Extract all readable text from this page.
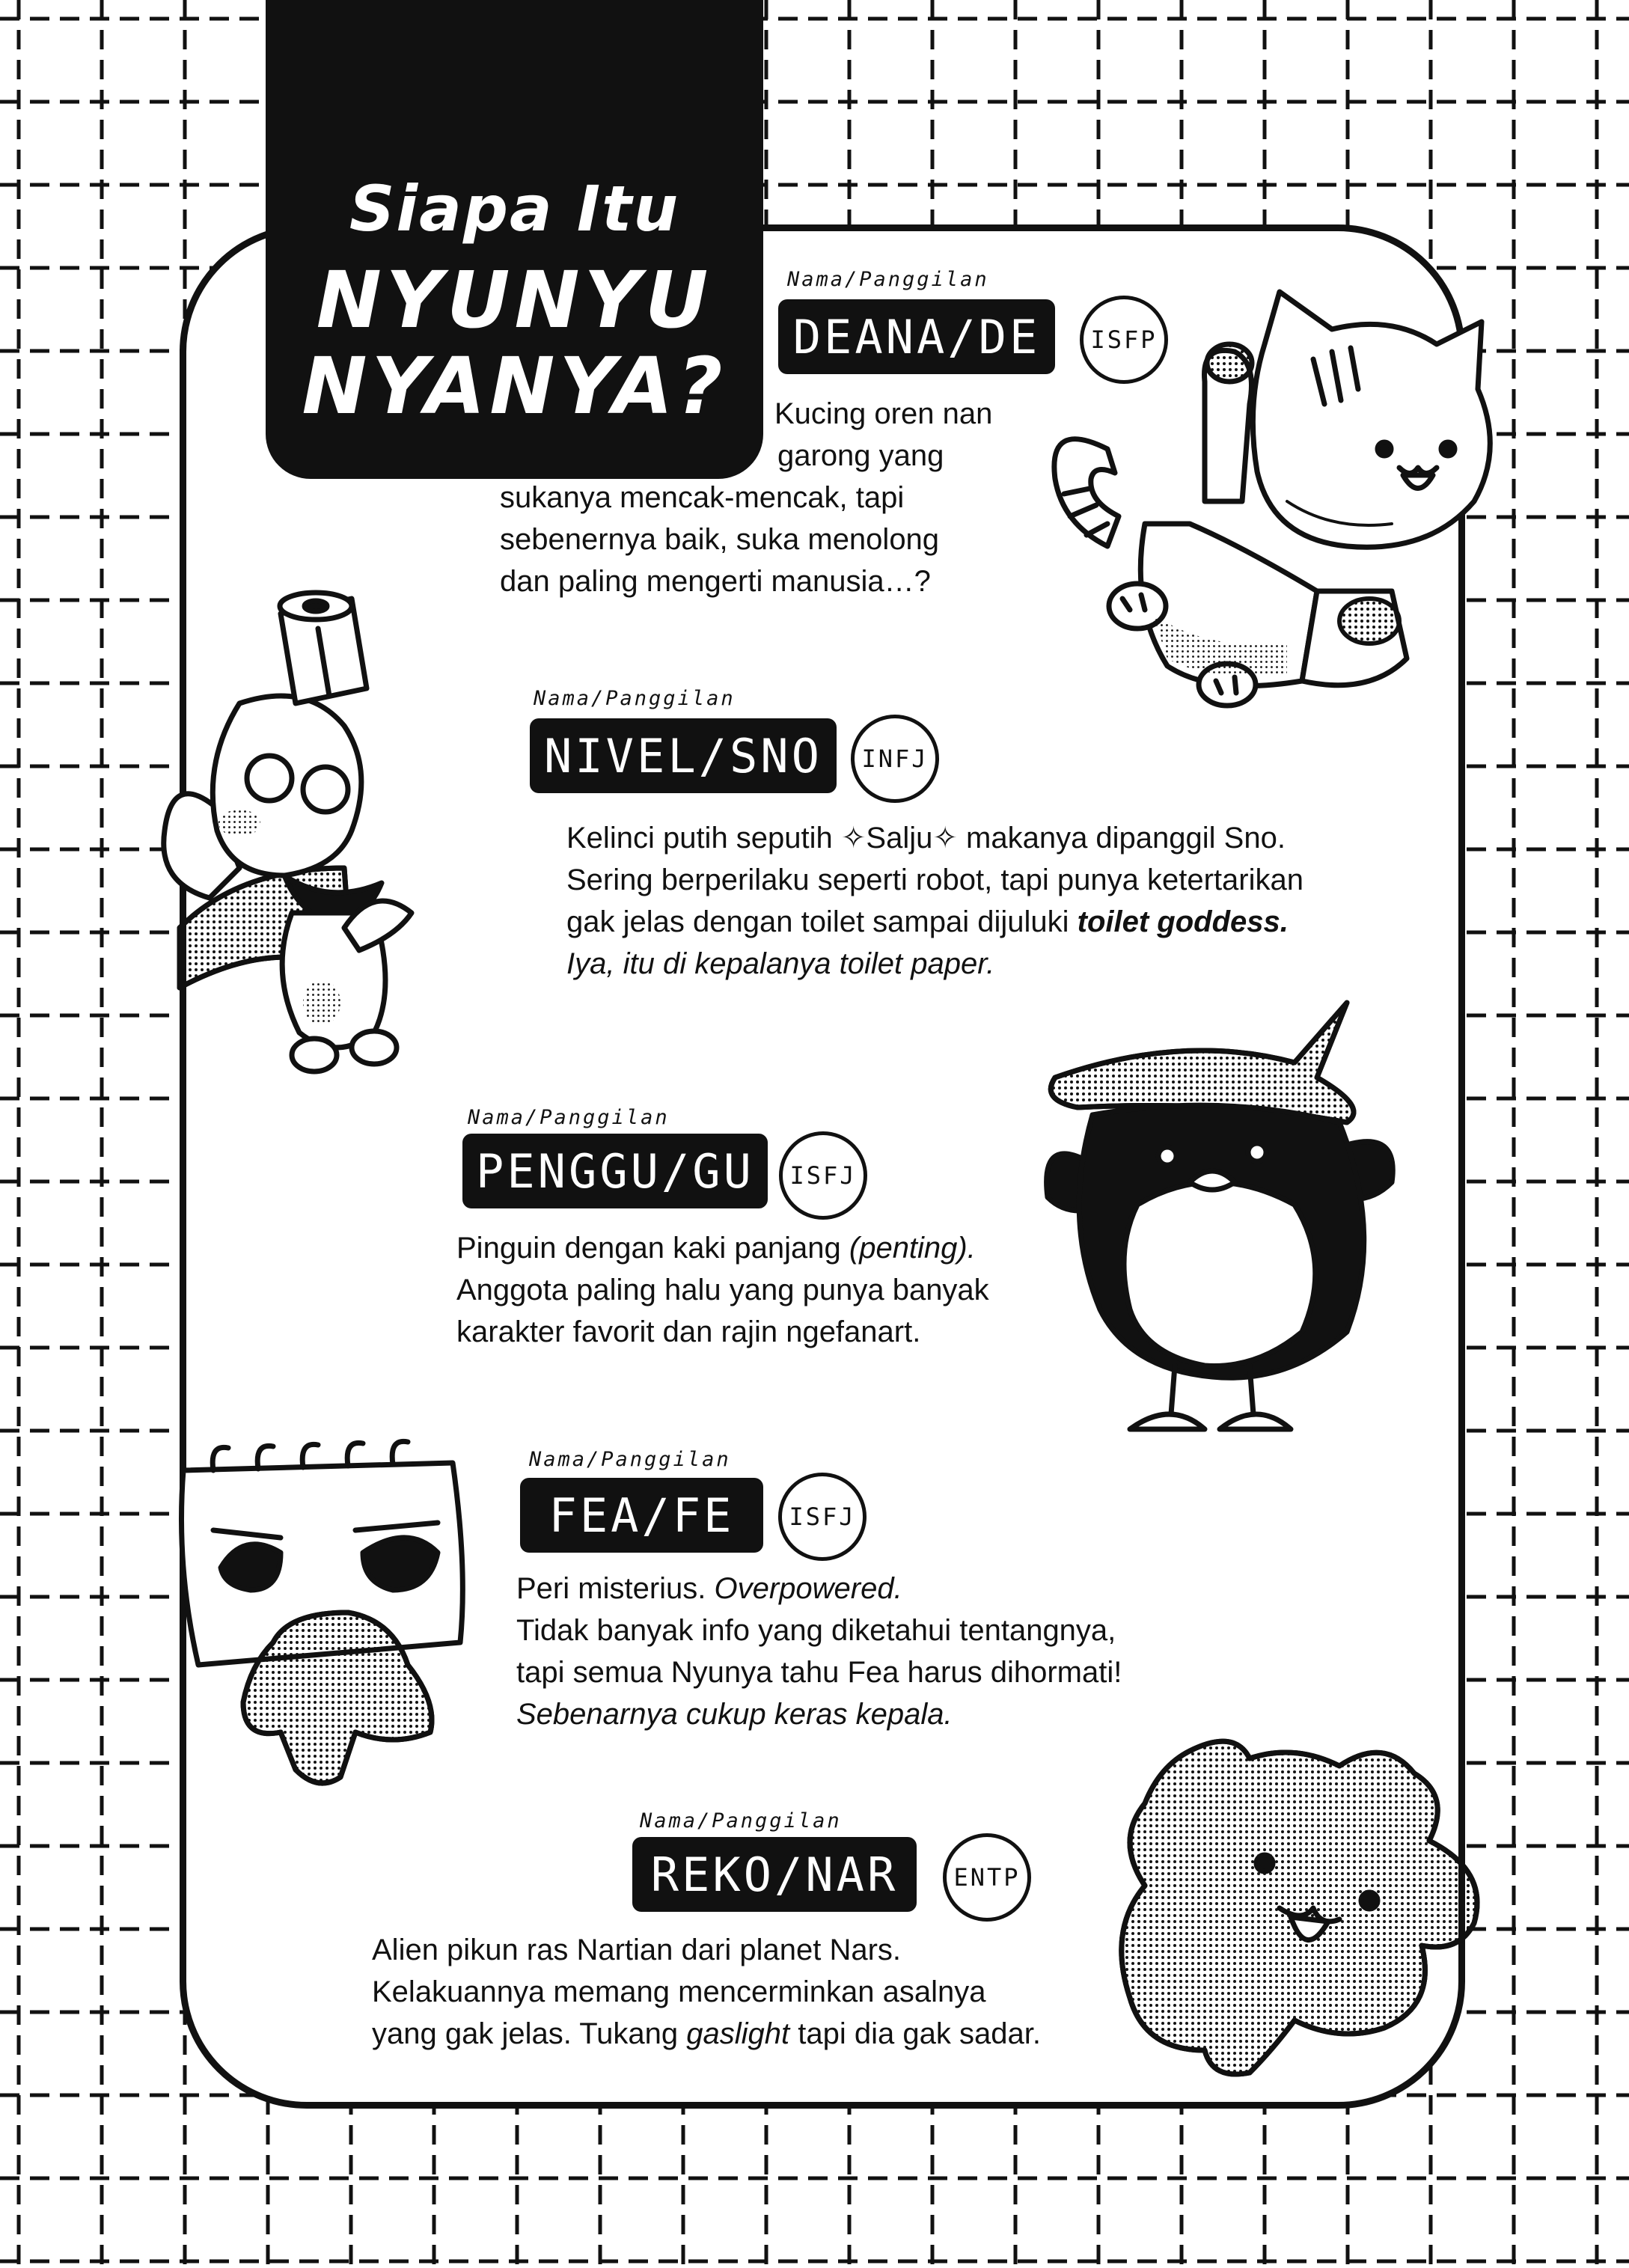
Siapa Itu
NYUNYU
NYANYA?
Nama/Panggilan
DEANA/DE	ISFP
Kucing oren nan
garong yang
sukanya mencak-mencak, tapi
sebenernya baik, suka menolong
dan paling mengerti manusia…?
Nama/Panggilan
NIVEL/SNO	INFJ
Kelinci putih seputih ✧Salju✧ makanya dipanggil Sno.
Sering berperilaku seperti robot, tapi punya ketertarikan
gak jelas dengan toilet sampai dijuluki toilet goddess.
Iya, itu di kepalanya toilet paper.
Nama/Panggilan
PENGGU/GU	ISFJ
Pinguin dengan kaki panjang (penting).
Anggota paling halu yang punya banyak
karakter favorit dan rajin ngefanart.
Nama/Panggilan
FEA/FE	ISFJ
Peri misterius. Overpowered.
Tidak banyak info yang diketahui tentangnya,
tapi semua Nyunya tahu Fea harus dihormati!
Sebenarnya cukup keras kepala.
Nama/Panggilan
REKO/NAR	ENTP
Alien pikun ras Nartian dari planet Nars.
Kelakuannya memang mencerminkan asalnya
yang gak jelas. Tukang gaslight tapi dia gak sadar.
